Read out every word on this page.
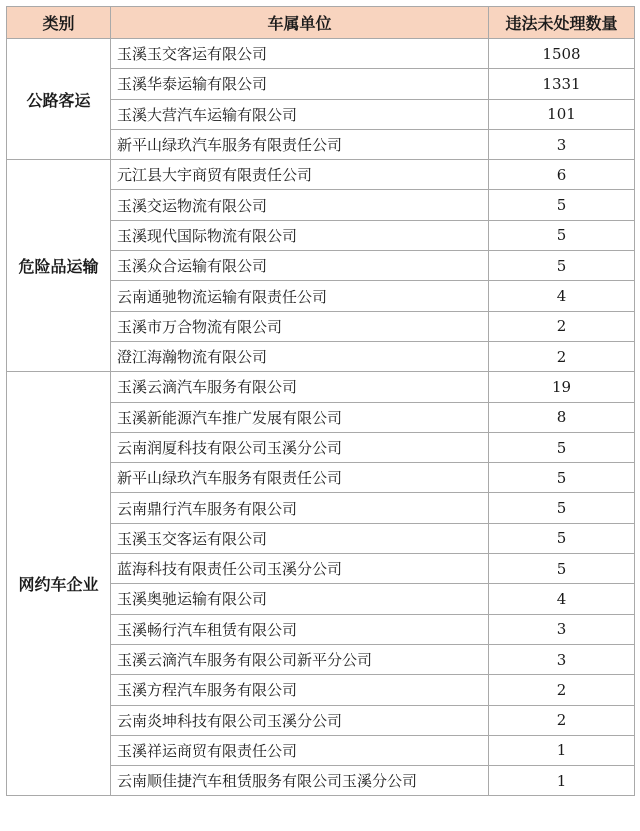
类别	车属单位	违法未处理数量
公路客运	玉溪玉交客运有限公司	1508
	玉溪华泰运输有限公司	1331
	玉溪大营汽车运输有限公司	101
	新平山绿玖汽车服务有限责任公司	3
危险品运输	元江县大宇商贸有限责任公司	6
	玉溪交运物流有限公司	5
	玉溪现代国际物流有限公司	5
	玉溪众合运输有限公司	5
	云南通驰物流运输有限责任公司	4
	玉溪市万合物流有限公司	2
	澄江海瀚物流有限公司	2
网约车企业	玉溪云滴汽车服务有限公司	19
	玉溪新能源汽车推广发展有限公司	8
	云南润厦科技有限公司玉溪分公司	5
	新平山绿玖汽车服务有限责任公司	5
	云南鼎行汽车服务有限公司	5
	玉溪玉交客运有限公司	5
	蓝海科技有限责任公司玉溪分公司	5
	玉溪奥驰运输有限公司	4
	玉溪畅行汽车租赁有限公司	3
	玉溪云滴汽车服务有限公司新平分公司	3
	玉溪方程汽车服务有限公司	2
	云南炎坤科技有限公司玉溪分公司	2
	玉溪祥运商贸有限责任公司	1
	云南顺佳捷汽车租赁服务有限公司玉溪分公司	1
